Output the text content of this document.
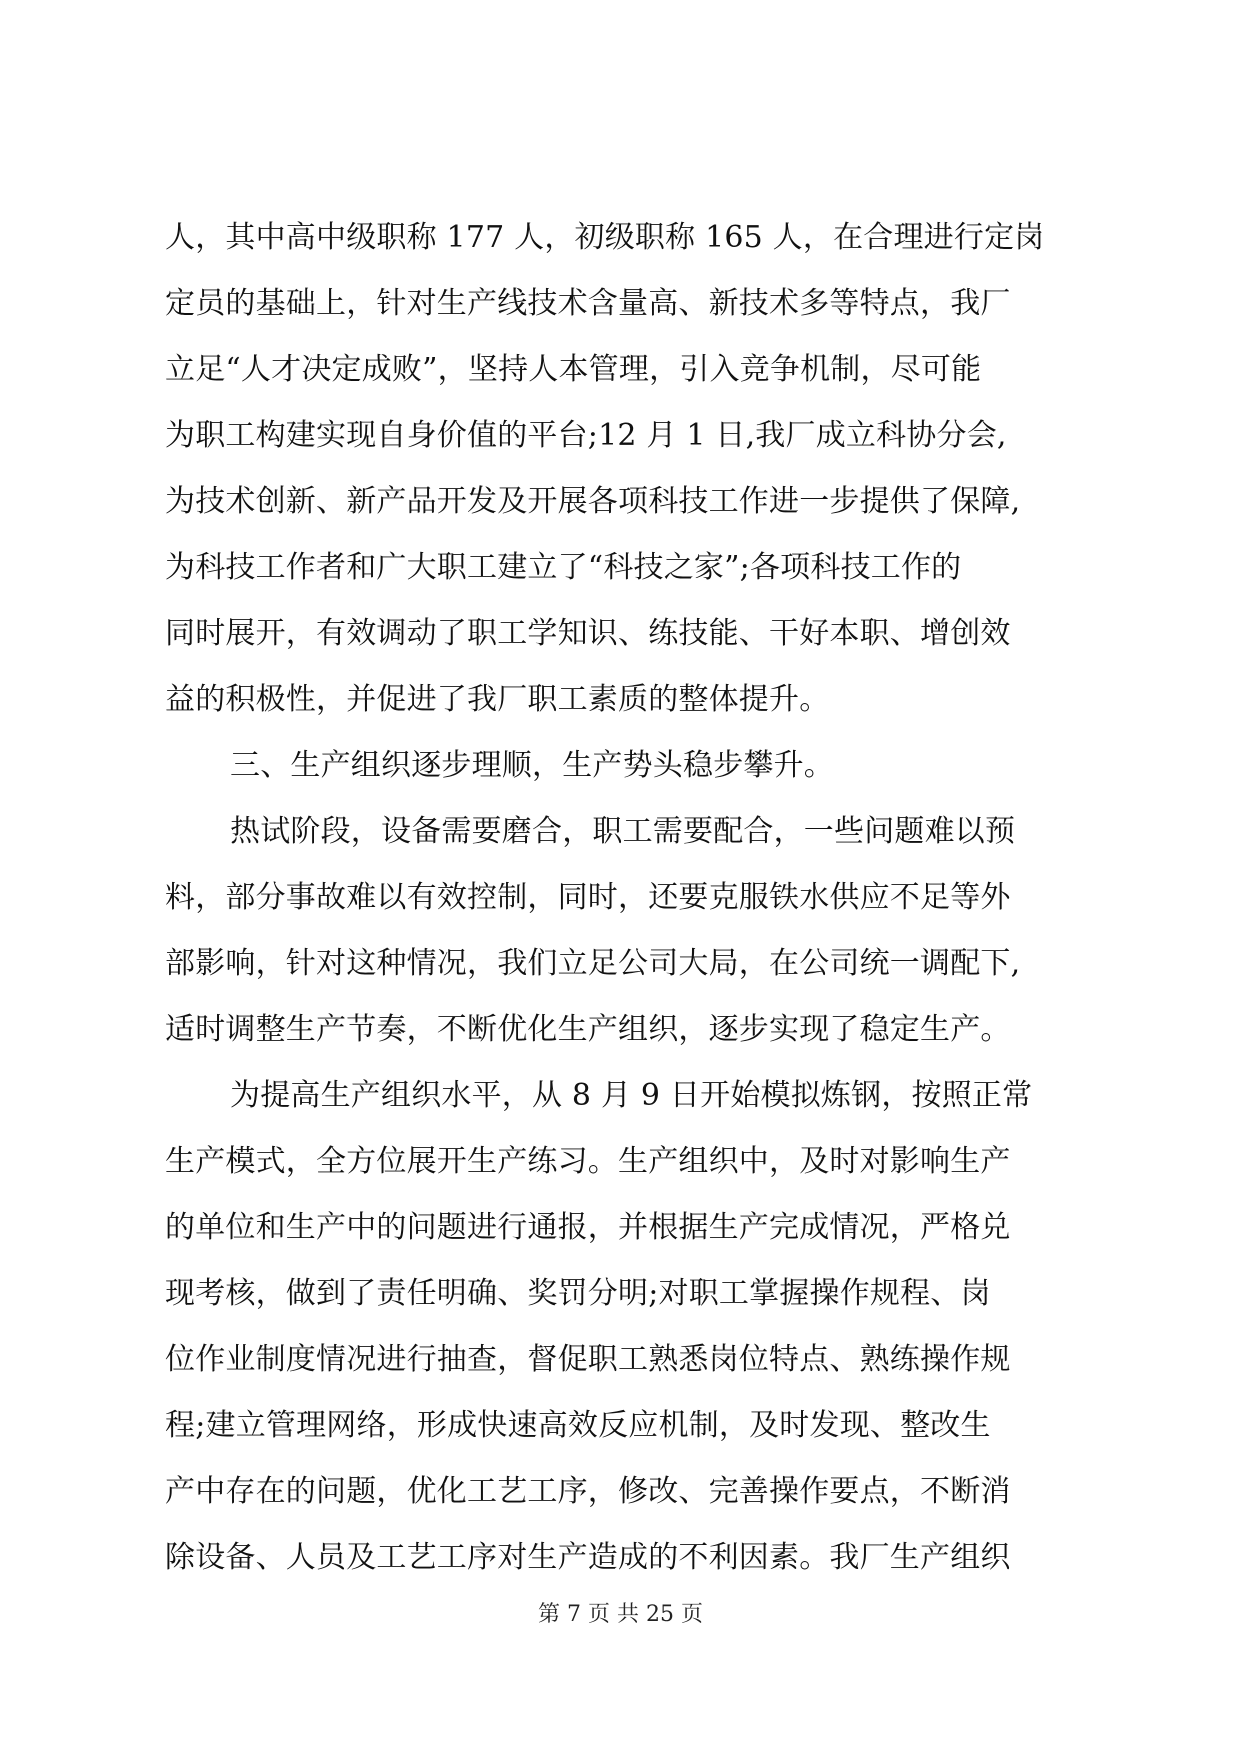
人，其中高中级职称 177 人，初级职称 165 人，在合理进行定岗
定员的基础上，针对生产线技术含量高、新技术多等特点，我厂
立足“人才决定成败”，坚持人本管理，引入竞争机制，尽可能
为职工构建实现自身价值的平台;12 月 1 日,我厂成立科协分会,
为技术创新、新产品开发及开展各项科技工作进一步提供了保障,
为科技工作者和广大职工建立了“科技之家”;各项科技工作的
同时展开，有效调动了职工学知识、练技能、干好本职、增创效
益的积极性，并促进了我厂职工素质的整体提升。
三、生产组织逐步理顺，生产势头稳步攀升。
热试阶段，设备需要磨合，职工需要配合，一些问题难以预
料，部分事故难以有效控制，同时，还要克服铁水供应不足等外
部影响，针对这种情况，我们立足公司大局，在公司统一调配下,
适时调整生产节奏，不断优化生产组织，逐步实现了稳定生产。
为提高生产组织水平，从 8 月 9 日开始模拟炼钢，按照正常
生产模式，全方位展开生产练习。生产组织中，及时对影响生产
的单位和生产中的问题进行通报，并根据生产完成情况，严格兑
现考核，做到了责任明确、奖罚分明;对职工掌握操作规程、岗
位作业制度情况进行抽查，督促职工熟悉岗位特点、熟练操作规
程;建立管理网络，形成快速高效反应机制，及时发现、整改生
产中存在的问题，优化工艺工序，修改、完善操作要点，不断消
除设备、人员及工艺工序对生产造成的不利因素。我厂生产组织
第 7 页 共 25 页
